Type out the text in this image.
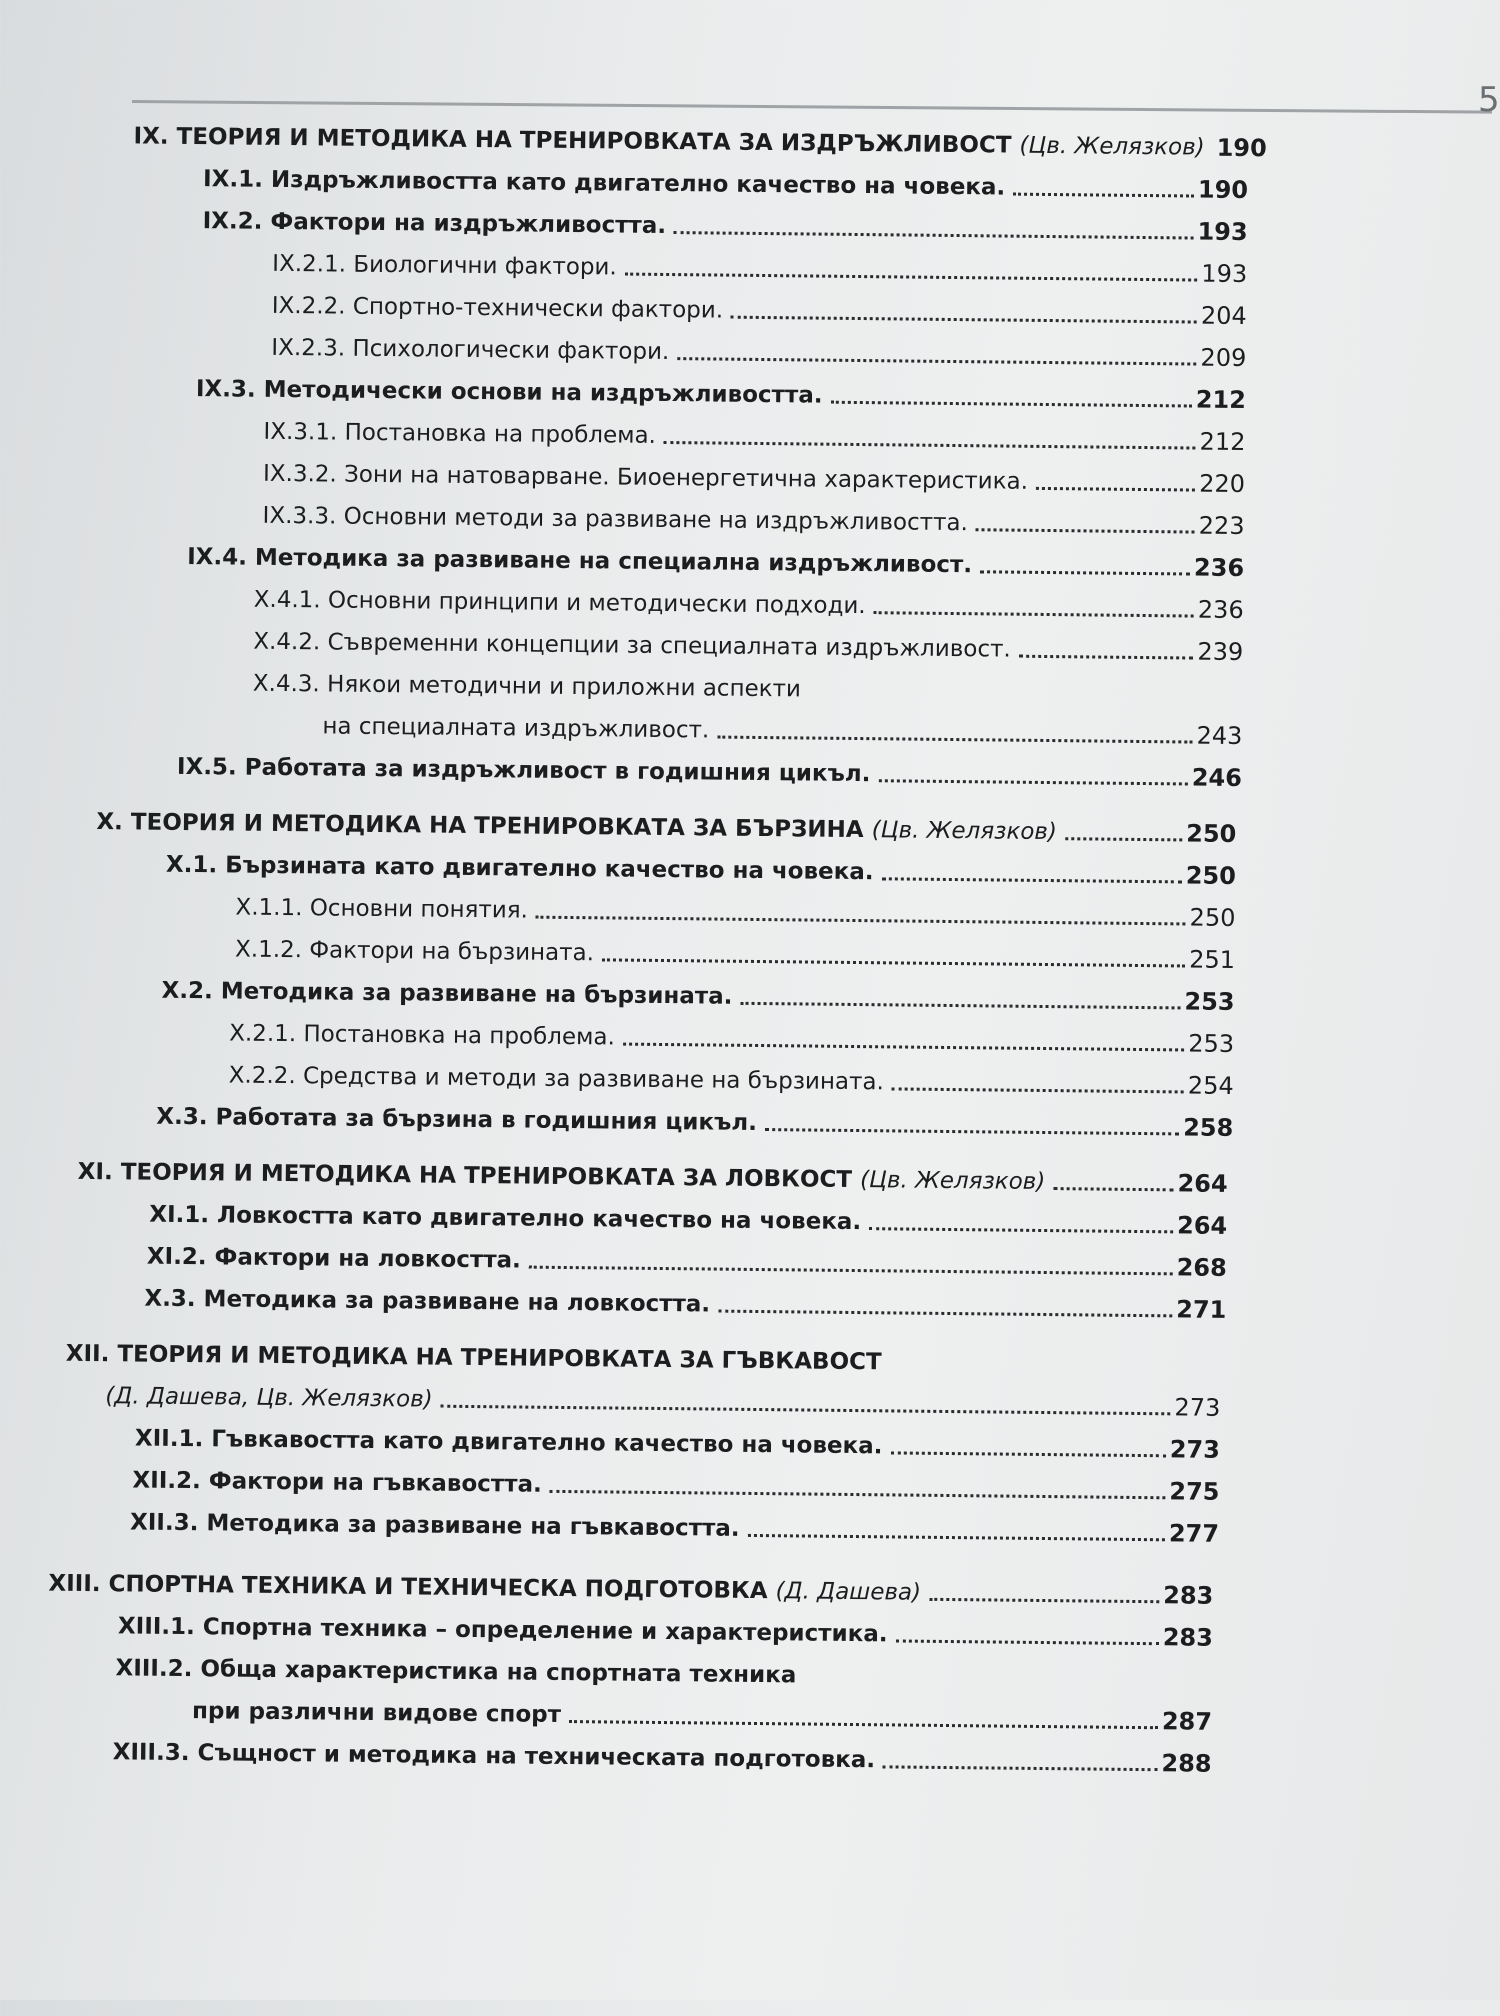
5
IX. ТЕОРИЯ И МЕТОДИКА НА ТРЕНИРОВКАТА ЗА ИЗДРЪЖЛИВОСТ (Цв. Желязков) 190
IX.1. Издръжливостта като двигателно качество на човека.	190
IX.2. Фактори на издръжливостта.	193
IX.2.1. Биологични фактори.	193
IX.2.2. Спортно-технически фактори.	204
IX.2.3. Психологически фактори.	209
IX.3. Методически основи на издръжливостта.	212
IX.3.1. Постановка на проблема.	212
IX.3.2. Зони на натоварване. Биоенергетична характеристика.	220
IX.3.3. Основни методи за развиване на издръжливостта.	223
IX.4. Методика за развиване на специална издръжливост.	236
X.4.1. Основни принципи и методически подходи.	236
X.4.2. Съвременни концепции за специалната издръжливост.	239
X.4.3. Някои методични и приложни аспекти
на специалната издръжливост.	243
IX.5. Работата за издръжливост в годишния цикъл.	246
X. ТЕОРИЯ И МЕТОДИКА НА ТРЕНИРОВКАТА ЗА БЪРЗИНА (Цв. Желязков)	250
X.1. Бързината като двигателно качество на човека.	250
X.1.1. Основни понятия.	250
X.1.2. Фактори на бързината.	251
X.2. Методика за развиване на бързината.	253
X.2.1. Постановка на проблема.	253
X.2.2. Средства и методи за развиване на бързината.	254
X.3. Работата за бързина в годишния цикъл.	258
XI. ТЕОРИЯ И МЕТОДИКА НА ТРЕНИРОВКАТА ЗА ЛОВКОСТ (Цв. Желязков)	264
XI.1. Ловкостта като двигателно качество на човека.	264
XI.2. Фактори на ловкостта.	268
X.3. Методика за развиване на ловкостта.	271
XII. ТЕОРИЯ И МЕТОДИКА НА ТРЕНИРОВКАТА ЗА ГЪВКАВОСТ
(Д. Дашева, Цв. Желязков)	273
XII.1. Гъвкавостта като двигателно качество на човека.	273
XII.2. Фактори на гъвкавостта.	275
XII.3. Методика за развиване на гъвкавостта.	277
XIII. СПОРТНА ТЕХНИКА И ТЕХНИЧЕСКА ПОДГОТОВКА (Д. Дашева)	283
XIII.1. Спортна техника – определение и характеристика.	283
XIII.2. Обща характеристика на спортната техника
при различни видове спорт	287
XIII.3. Същност и методика на техническата подготовка.	288
